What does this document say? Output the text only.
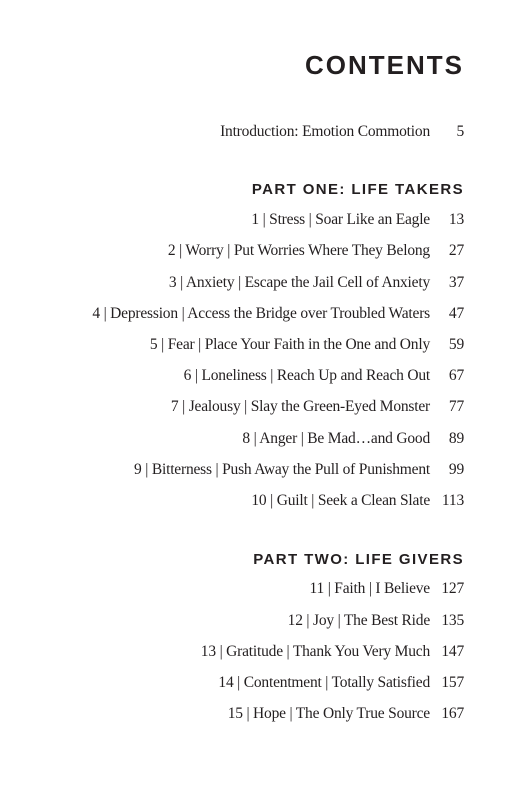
CONTENTS
Introduction: Emotion Commotion	5
PART ONE: LIFE TAKERS
1 | Stress | Soar Like an Eagle	13
2 | Worry | Put Worries Where They Belong	27
3 | Anxiety | Escape the Jail Cell of Anxiety	37
4 | Depression | Access the Bridge over Troubled Waters	47
5 | Fear | Place Your Faith in the One and Only	59
6 | Loneliness | Reach Up and Reach Out	67
7 | Jealousy | Slay the Green-Eyed Monster	77
8 | Anger | Be Mad…and Good	89
9 | Bitterness | Push Away the Pull of Punishment	99
10 | Guilt | Seek a Clean Slate 113
PART TWO: LIFE GIVERS
11 | Faith | I Believe 127
12 | Joy | The Best Ride 135
13 | Gratitude | Thank You Very Much 147
14 | Contentment | Totally Satisfied 157
15 | Hope | The Only True Source 167
